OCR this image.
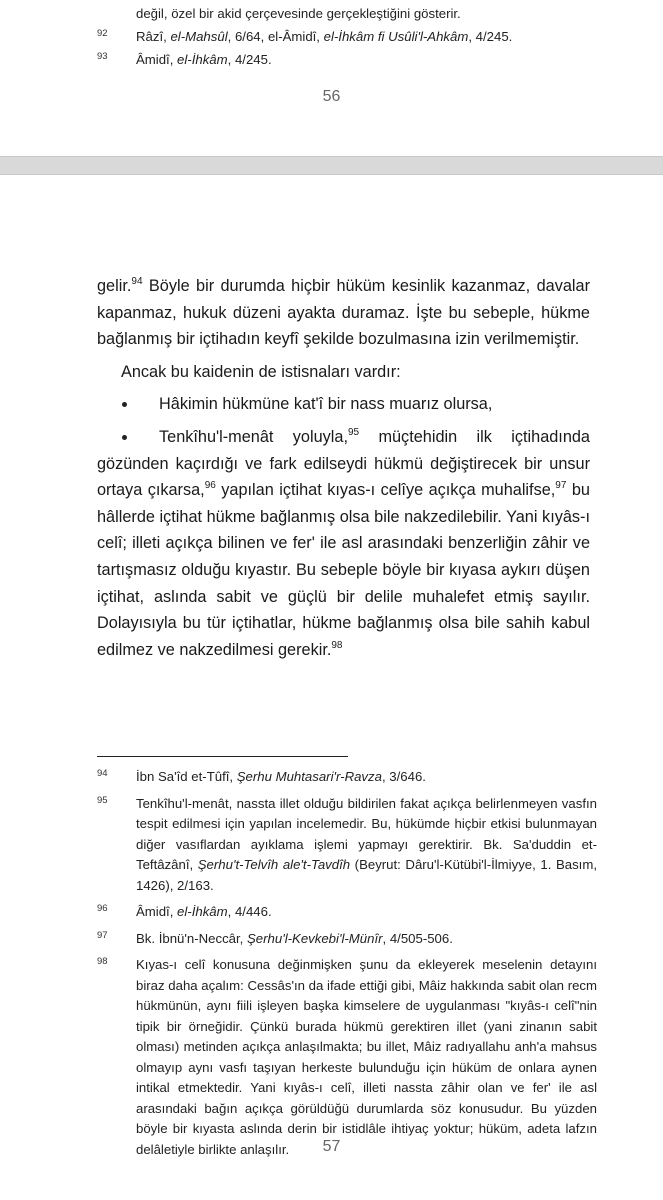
değil, özel bir akid çerçevesinde gerçekleştiğini gösterir.
92 Râzî, el-Mahsûl, 6/64, el-Âmidî, el-İhkâm fi Usûli'l-Ahkâm, 4/245.
93 Âmidî, el-İhkâm, 4/245.
56

gelir.$^{94}$ Böyle bir durumda hiçbir hüküm kesinlik kazanmaz, davalar kapanmaz, hukuk düzeni ayakta duramaz. İşte bu sebeple, hükme bağlanmış bir içtihadın keyfî şekilde bozulmasına izin verilmemiştir.

Ancak bu kaidenin de istisnaları vardır:

Hâkimin hükmüne kat'î bir nass muarız olursa,

Tenkîhu'l-menât yoluyla,$^{95}$ müçtehidin ilk içtihadında gözünden kaçırdığı ve fark edilseydi hükmü değiştirecek bir unsur ortaya çıkarsa,$^{96}$ yapılan içtihat kıyas-ı celîye açıkça muhalifse,$^{97}$ bu hâllerde içtihat hükme bağlanmış olsa bile nakzedilebilir. Yani kıyâs-ı celî; illeti açıkça bilinen ve fer' ile asl arasındaki benzerliğin zâhir ve tartışmasız olduğu kıyastır. Bu sebeple böyle bir kıyasa aykırı düşen içtihat, aslında sabit ve güçlü bir delile muhalefet etmiş sayılır. Dolayısıyla bu tür içtihatlar, hükme bağlanmış olsa bile sahih kabul edilmez ve nakzedilmesi gerekir.$^{98}$

94 İbn Sa'îd et-Tûfî, Şerhu Muhtasari'r-Ravza, 3/646.
95 Tenkîhu'l-menât, nassta illet olduğu bildirilen fakat açıkça belirlenmeyen vasfın tespit edilmesi için yapılan incelemedir. Bu, hükümde hiçbir etkisi bulunmayan diğer vasıflardan ayıklama işlemi yapmayı gerektirir. Bk. Sa'duddin et-Teftâzânî, Şerhu't-Telvîh ale't-Tavdîh (Beyrut: Dâru'l-Kütübi'l-İlmiyye, 1. Basım, 1426), 2/163.
96 Âmidî, el-İhkâm, 4/446.
97 Bk. İbnü'n-Neccâr, Şerhu'l-Kevkebi'l-Münîr, 4/505-506.
98 Kıyas-ı celî konusuna değinmişken şunu da ekleyerek meselenin detayını biraz daha açalım: Cessâs'ın da ifade ettiği gibi, Mâiz hakkında sabit olan recm hükmünün, aynı fiili işleyen başka kimselere de uygulanması "kıyâs-ı celî"nin tipik bir örneğidir. Çünkü burada hükmü gerektiren illet (yani zinanın sabit olması) metinden açıkça anlaşılmakta; bu illet, Mâiz radıyallahu anh'a mahsus olmayıp aynı vasfı taşıyan herkeste bulunduğu için hüküm de onlara aynen intikal etmektedir. Yani kıyâs-ı celî, illeti nassta zâhir olan ve fer' ile asl arasındaki bağın açıkça görüldüğü durumlarda söz konusudur. Bu yüzden böyle bir kıyasta aslında derin bir istidlâle ihtiyaç yoktur; hüküm, adeta lafzın delâletiyle birlikte anlaşılır.	57
